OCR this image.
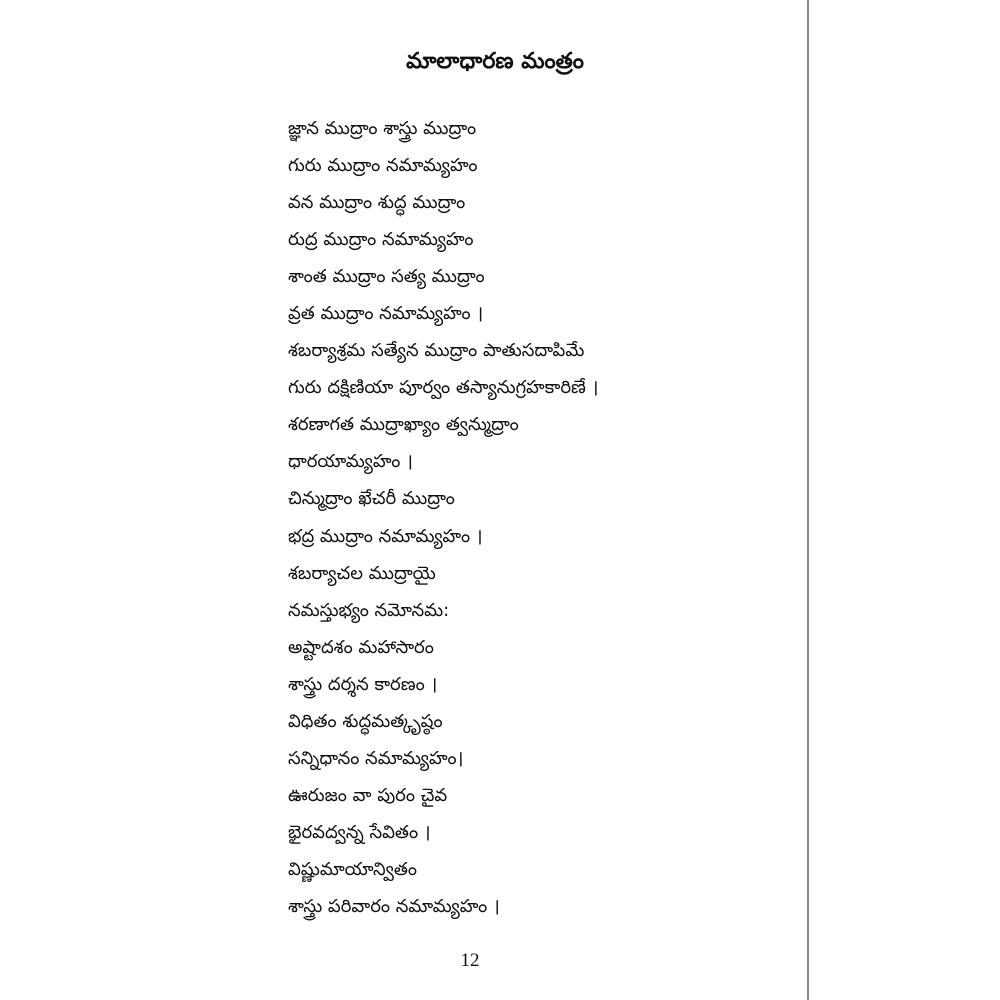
మాలాధారణ మంత్రం
జ్ఞాన ముద్రాం శాస్త్రు ముద్రాం
గురు ముద్రాం నమామ్యహం
వన ముద్రాం శుద్ధ ముద్రాం
రుద్ర ముద్రాం నమామ్యహం
శాంత ముద్రాం సత్య ముద్రాం
వ్రత ముద్రాం నమామ్యహం ।
శబర్యాశ్రమ సత్యేన ముద్రాం పాతుసదాపిమే
గురు దక్షిణియా పూర్వం తస్యానుగ్రహకారిణే ।
శరణాగత ముద్రాఖ్యాం త్వన్ముద్రాం
ధారయామ్యహం ।
చిన్ముద్రాం ఖేచరీ ముద్రాం
భద్ర ముద్రాం నమామ్యహం ।
శబర్యాచల ముద్రాయై
నమస్తుభ్యం నమోనమ:
అష్టాదశం మహాసారం
శాస్త్రు దర్శన కారణం ।
విధితం శుద్ధమత్కృష్ఠం
సన్నిధానం నమామ్యహం।
ఊరుజం వా పురం చైవ
భైరవద్వన్న సేవితం ।
విష్ణుమాయాన్వితం
శాస్త్రు పరివారం నమామ్యహం ।
12
